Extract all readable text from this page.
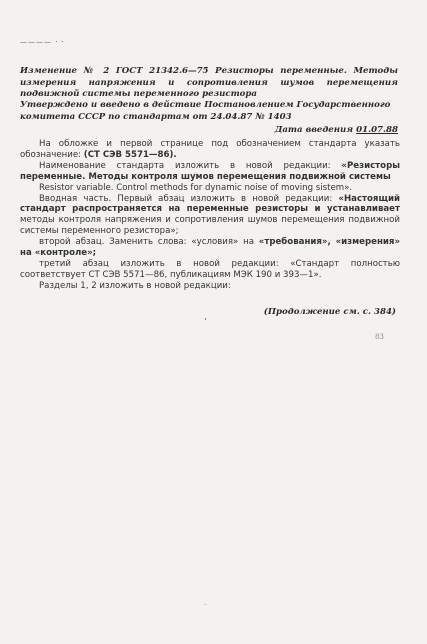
———— · ·
Изменение № 2 ГОСТ 21342.6—75 Резисторы переменные. Методы измерения напряжения и сопротивления шумов перемещения подвижной системы переменного резистора
Утверждено и введено в действие Постановлением Государственного комитета СССР по стандартам от 24.04.87 № 1403
Дата введения 01.07.88

На обложке и первой странице под обозначением стандарта указать обозначение: (СТ СЭВ 5571—86).

Наименование стандарта изложить в новой редакции: «Резисторы переменные. Методы контроля шумов перемещения подвижной системы

Resistor variable. Control methods for dynamic noise of moving sistem».

Вводная часть. Первый абзац изложить в новой редакции: «Настоящий стандарт распространяется на переменные резисторы и устанавливает методы контроля напряжения и сопротивления шумов перемещения подвижной системы переменного резистора»;

второй абзац. Заменить слова: «условия» на «требования», «измерения» на «контроле»;

третий абзац изложить в новой редакции: «Стандарт полностью соответствует СТ СЭВ 5571—86, публикациям МЭК 190 и 393—1».

Разделы 1, 2 изложить в новой редакции:

(Продолжение см. с. 384)
83
˘
